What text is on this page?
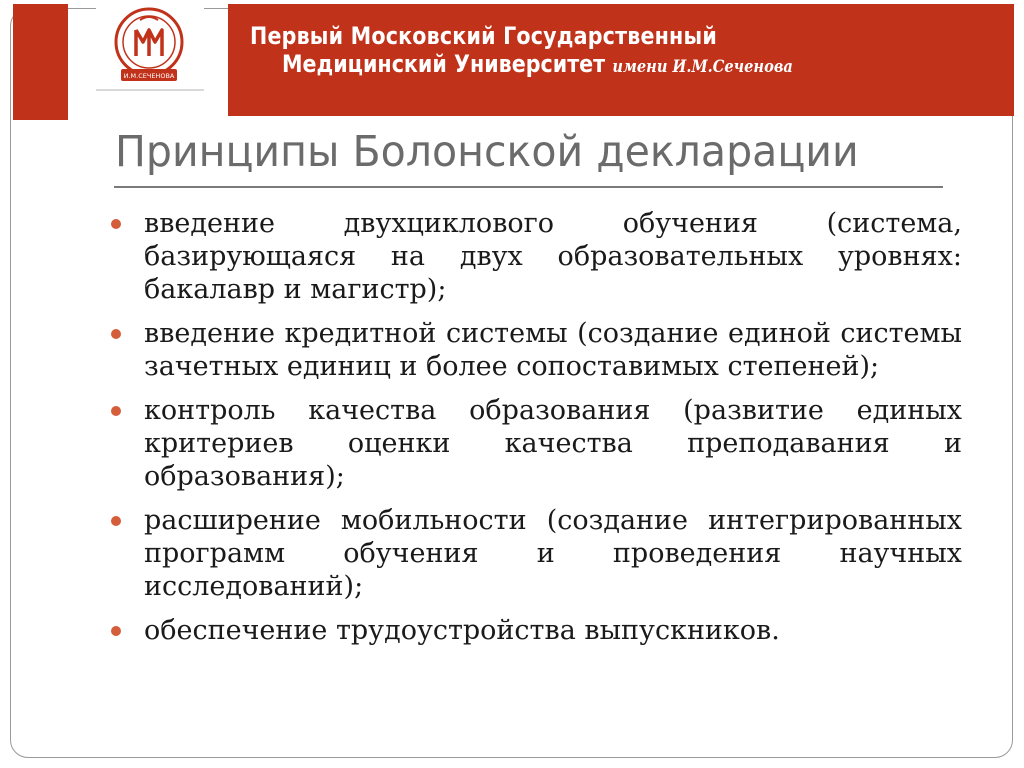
И.М.СЕЧЕНОВА
Первый Московский Государственный
Медицинский Университет имени И.М.Сеченова
Принципы Болонской декларации
введение двухциклового обучения (система, базирующаяся на двух образовательных уровнях: бакалавр и магистр);
введение кредитной системы (создание единой системы зачетных единиц и более сопоставимых степеней);
контроль качества образования (развитие единых критериев оценки качества преподавания и образования);
расширение мобильности (создание интегрированных программ обучения и проведения научных исследований);
обеспечение трудоустройства выпускников.
